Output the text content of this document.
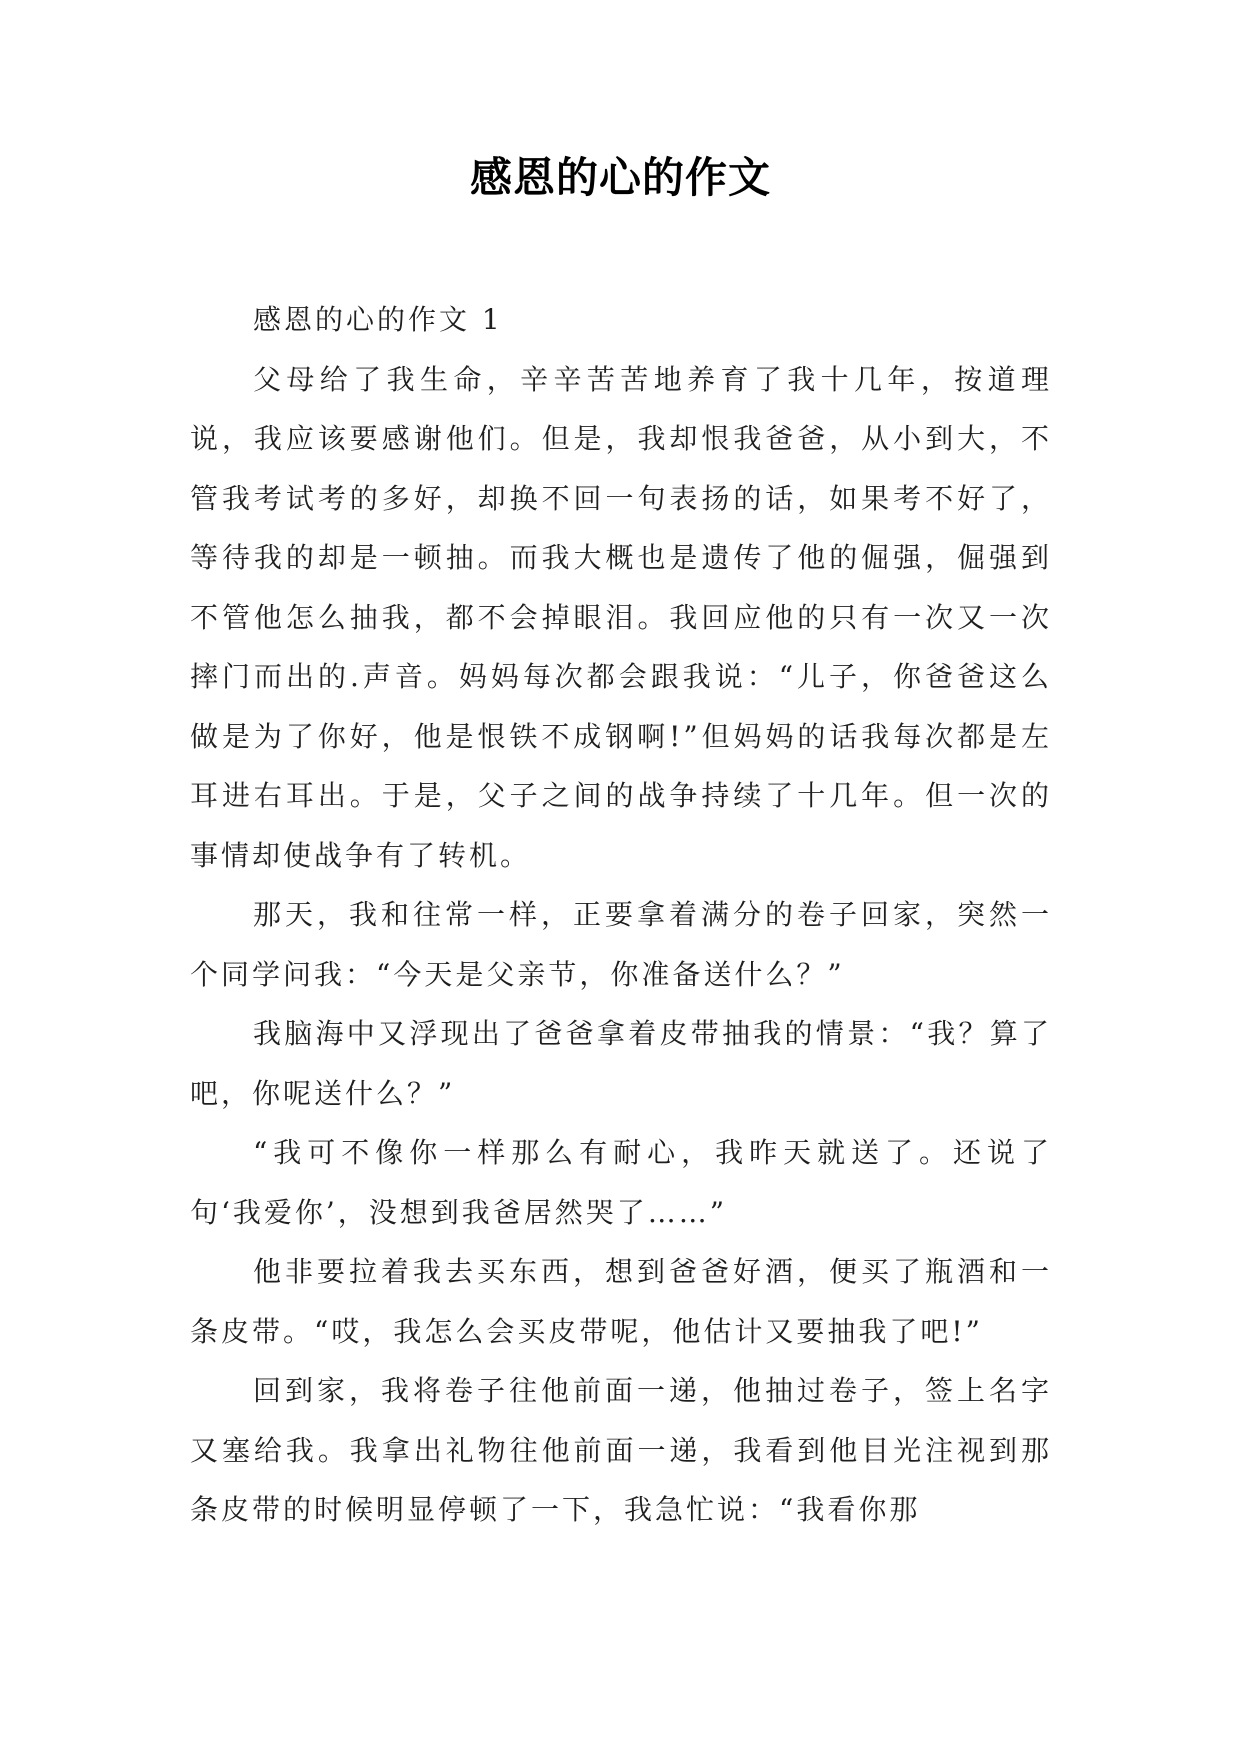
感恩的心的作文

感恩的心的作文 1

父母给了我生命，辛辛苦苦地养育了我十几年，按道理说，我应该要感谢他们。但是，我却恨我爸爸，从小到大，不管我考试考的多好，却换不回一句表扬的话，如果考不好了，等待我的却是一顿抽。而我大概也是遗传了他的倔强，倔强到不管他怎么抽我，都不会掉眼泪。我回应他的只有一次又一次摔门而出的.声音。妈妈每次都会跟我说：“儿子，你爸爸这么做是为了你好，他是恨铁不成钢啊!”但妈妈的话我每次都是左耳进右耳出。于是，父子之间的战争持续了十几年。但一次的事情却使战争有了转机。

那天，我和往常一样，正要拿着满分的卷子回家，突然一个同学问我：“今天是父亲节，你准备送什么？”

我脑海中又浮现出了爸爸拿着皮带抽我的情景：“我？算了吧，你呢送什么？”

“我可不像你一样那么有耐心，我昨天就送了。还说了句‘我爱你’，没想到我爸居然哭了……”

他非要拉着我去买东西，想到爸爸好酒，便买了瓶酒和一条皮带。“哎，我怎么会买皮带呢，他估计又要抽我了吧!”

回到家，我将卷子往他前面一递，他抽过卷子，签上名字又塞给我。我拿出礼物往他前面一递，我看到他目光注视到那条皮带的时候明显停顿了一下，我急忙说：“我看你那
